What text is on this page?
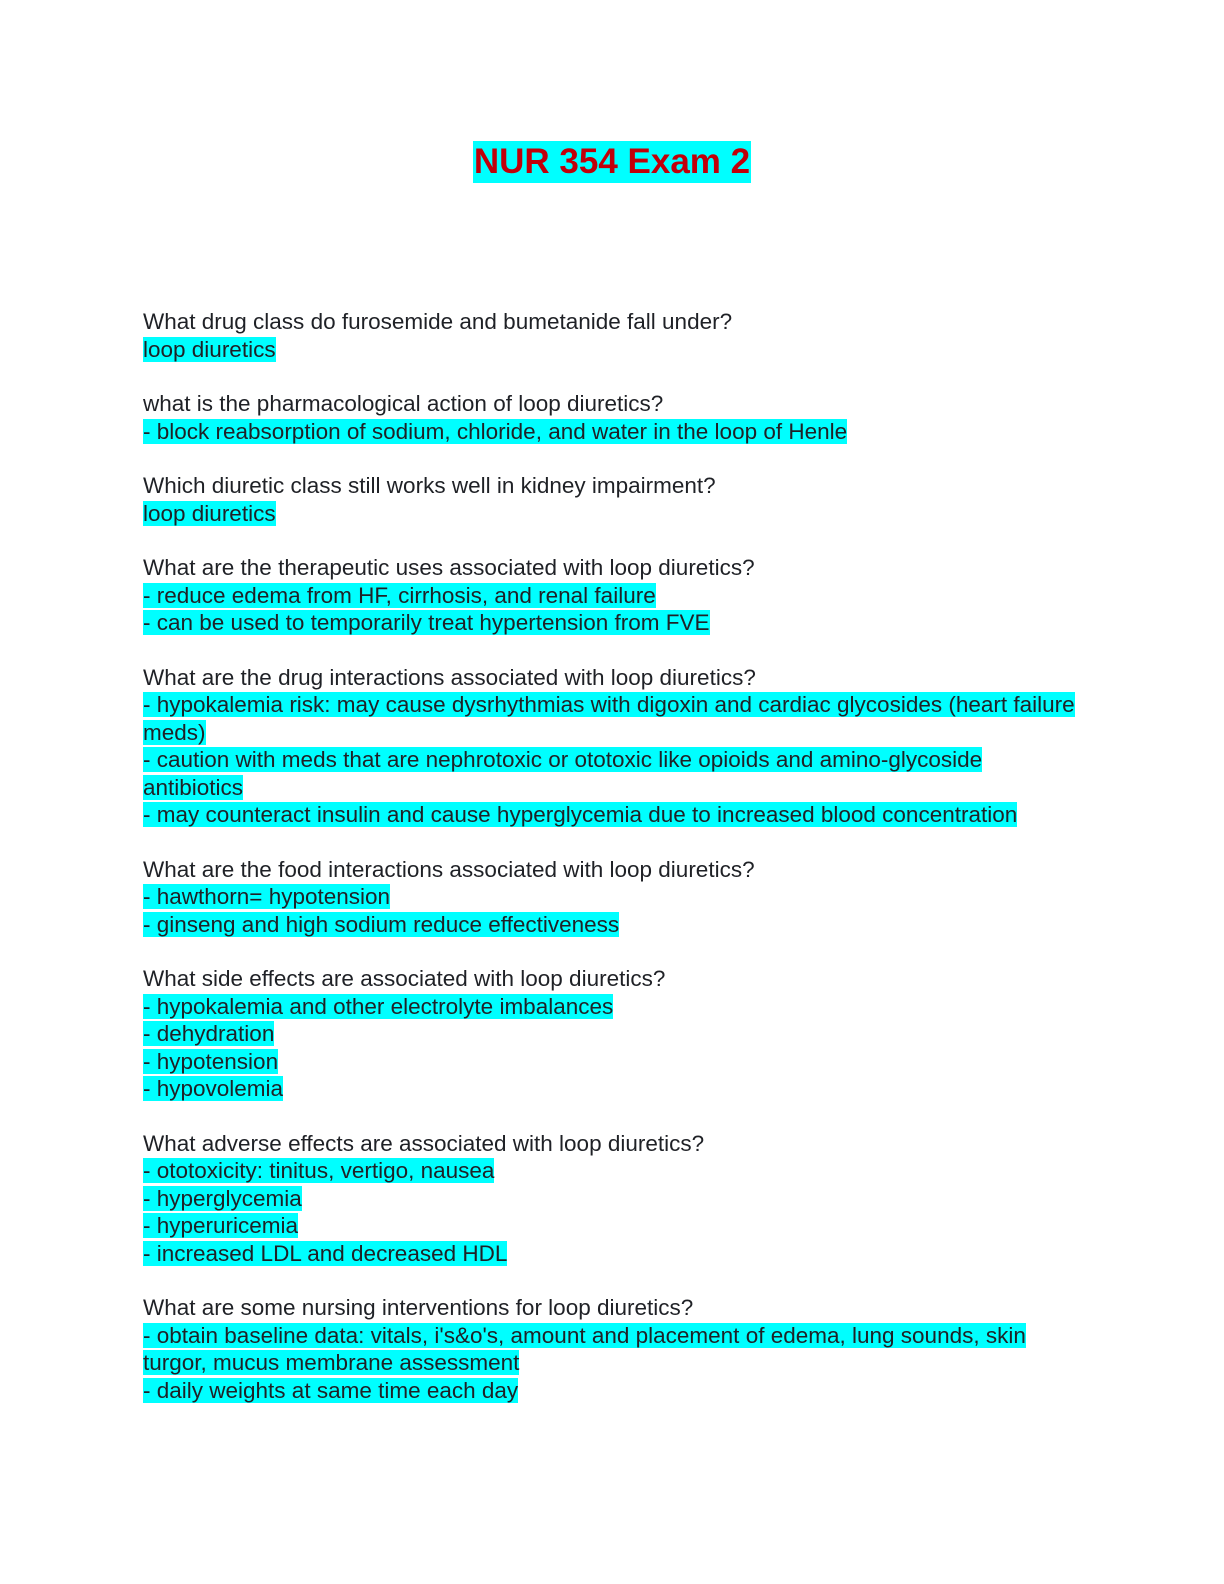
NUR 354 Exam 2

What drug class do furosemide and bumetanide fall under?

loop diuretics

what is the pharmacological action of loop diuretics?

- block reabsorption of sodium, chloride, and water in the loop of Henle

Which diuretic class still works well in kidney impairment?

loop diuretics

What are the therapeutic uses associated with loop diuretics?

- reduce edema from HF, cirrhosis, and renal failure
- can be used to temporarily treat hypertension from FVE

What are the drug interactions associated with loop diuretics?

- hypokalemia risk: may cause dysrhythmias with digoxin and cardiac glycosides (heart failure meds)
- caution with meds that are nephrotoxic or ototoxic like opioids and amino-glycoside antibiotics
- may counteract insulin and cause hyperglycemia due to increased blood concentration

What are the food interactions associated with loop diuretics?

- hawthorn= hypotension
- ginseng and high sodium reduce effectiveness

What side effects are associated with loop diuretics?

- hypokalemia and other electrolyte imbalances
- dehydration
- hypotension
- hypovolemia

What adverse effects are associated with loop diuretics?

- ototoxicity: tinitus, vertigo, nausea
- hyperglycemia
- hyperuricemia
- increased LDL and decreased HDL

What are some nursing interventions for loop diuretics?

- obtain baseline data: vitals, i's&o's, amount and placement of edema, lung sounds, skin turgor, mucus membrane assessment
- daily weights at same time each day
